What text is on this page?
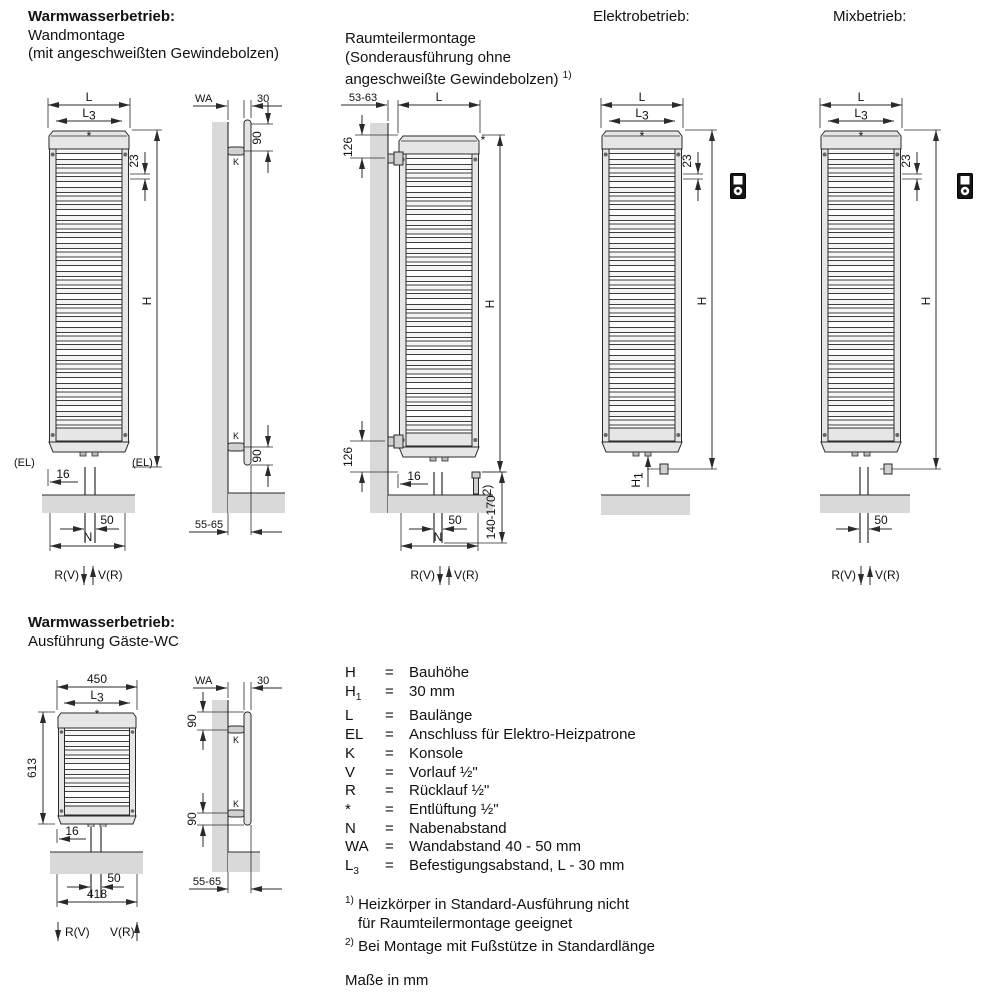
Warmwasserbetrieb:
Wandmontage
(mit angeschweißten Gewindebolzen)
Raumteilermontage
(Sonderausführung ohne
angeschweißte Gewindebolzen) $^{1)}$
Elektrobetrieb:	Mixbetrieb:
Warmwasserbetrieb:
Ausführung Gäste-WC
L
L3
*
23
H
(EL)	(EL)
16
50
N
R(V) V(R)
WA	30
K
90
K
90
55-65
53-63	L
*
126
126
H
16
140-1702)
50
N
R(V) V(R)
L
L3
*
23
H
H1
L
L3
*
23
H
50
R(V) V(R)
450
L3
*
613
16
50
418
R(V) V(R)
WA	30
K
90
K
90
55-65
H	=	Bauhöhe
$H_1$	=	30 mm
L	=	Baulänge
EL	=	Anschluss für Elektro-Heizpatrone
K	=	Konsole
V	=	Vorlauf ½"
R	=	Rücklauf ½"
*	=	Entlüftung ½"
N	=	Nabenabstand
WA	=	Wandabstand 40 - 50 mm
$L_3$	=	Befestigungsabstand, L - 30 mm
$^{1)}$ Heizkörper in Standard-Ausführung nicht
für Raumteilermontage geeignet
$^{2)}$ Bei Montage mit Fußstütze in Standardlänge
Maße in mm
